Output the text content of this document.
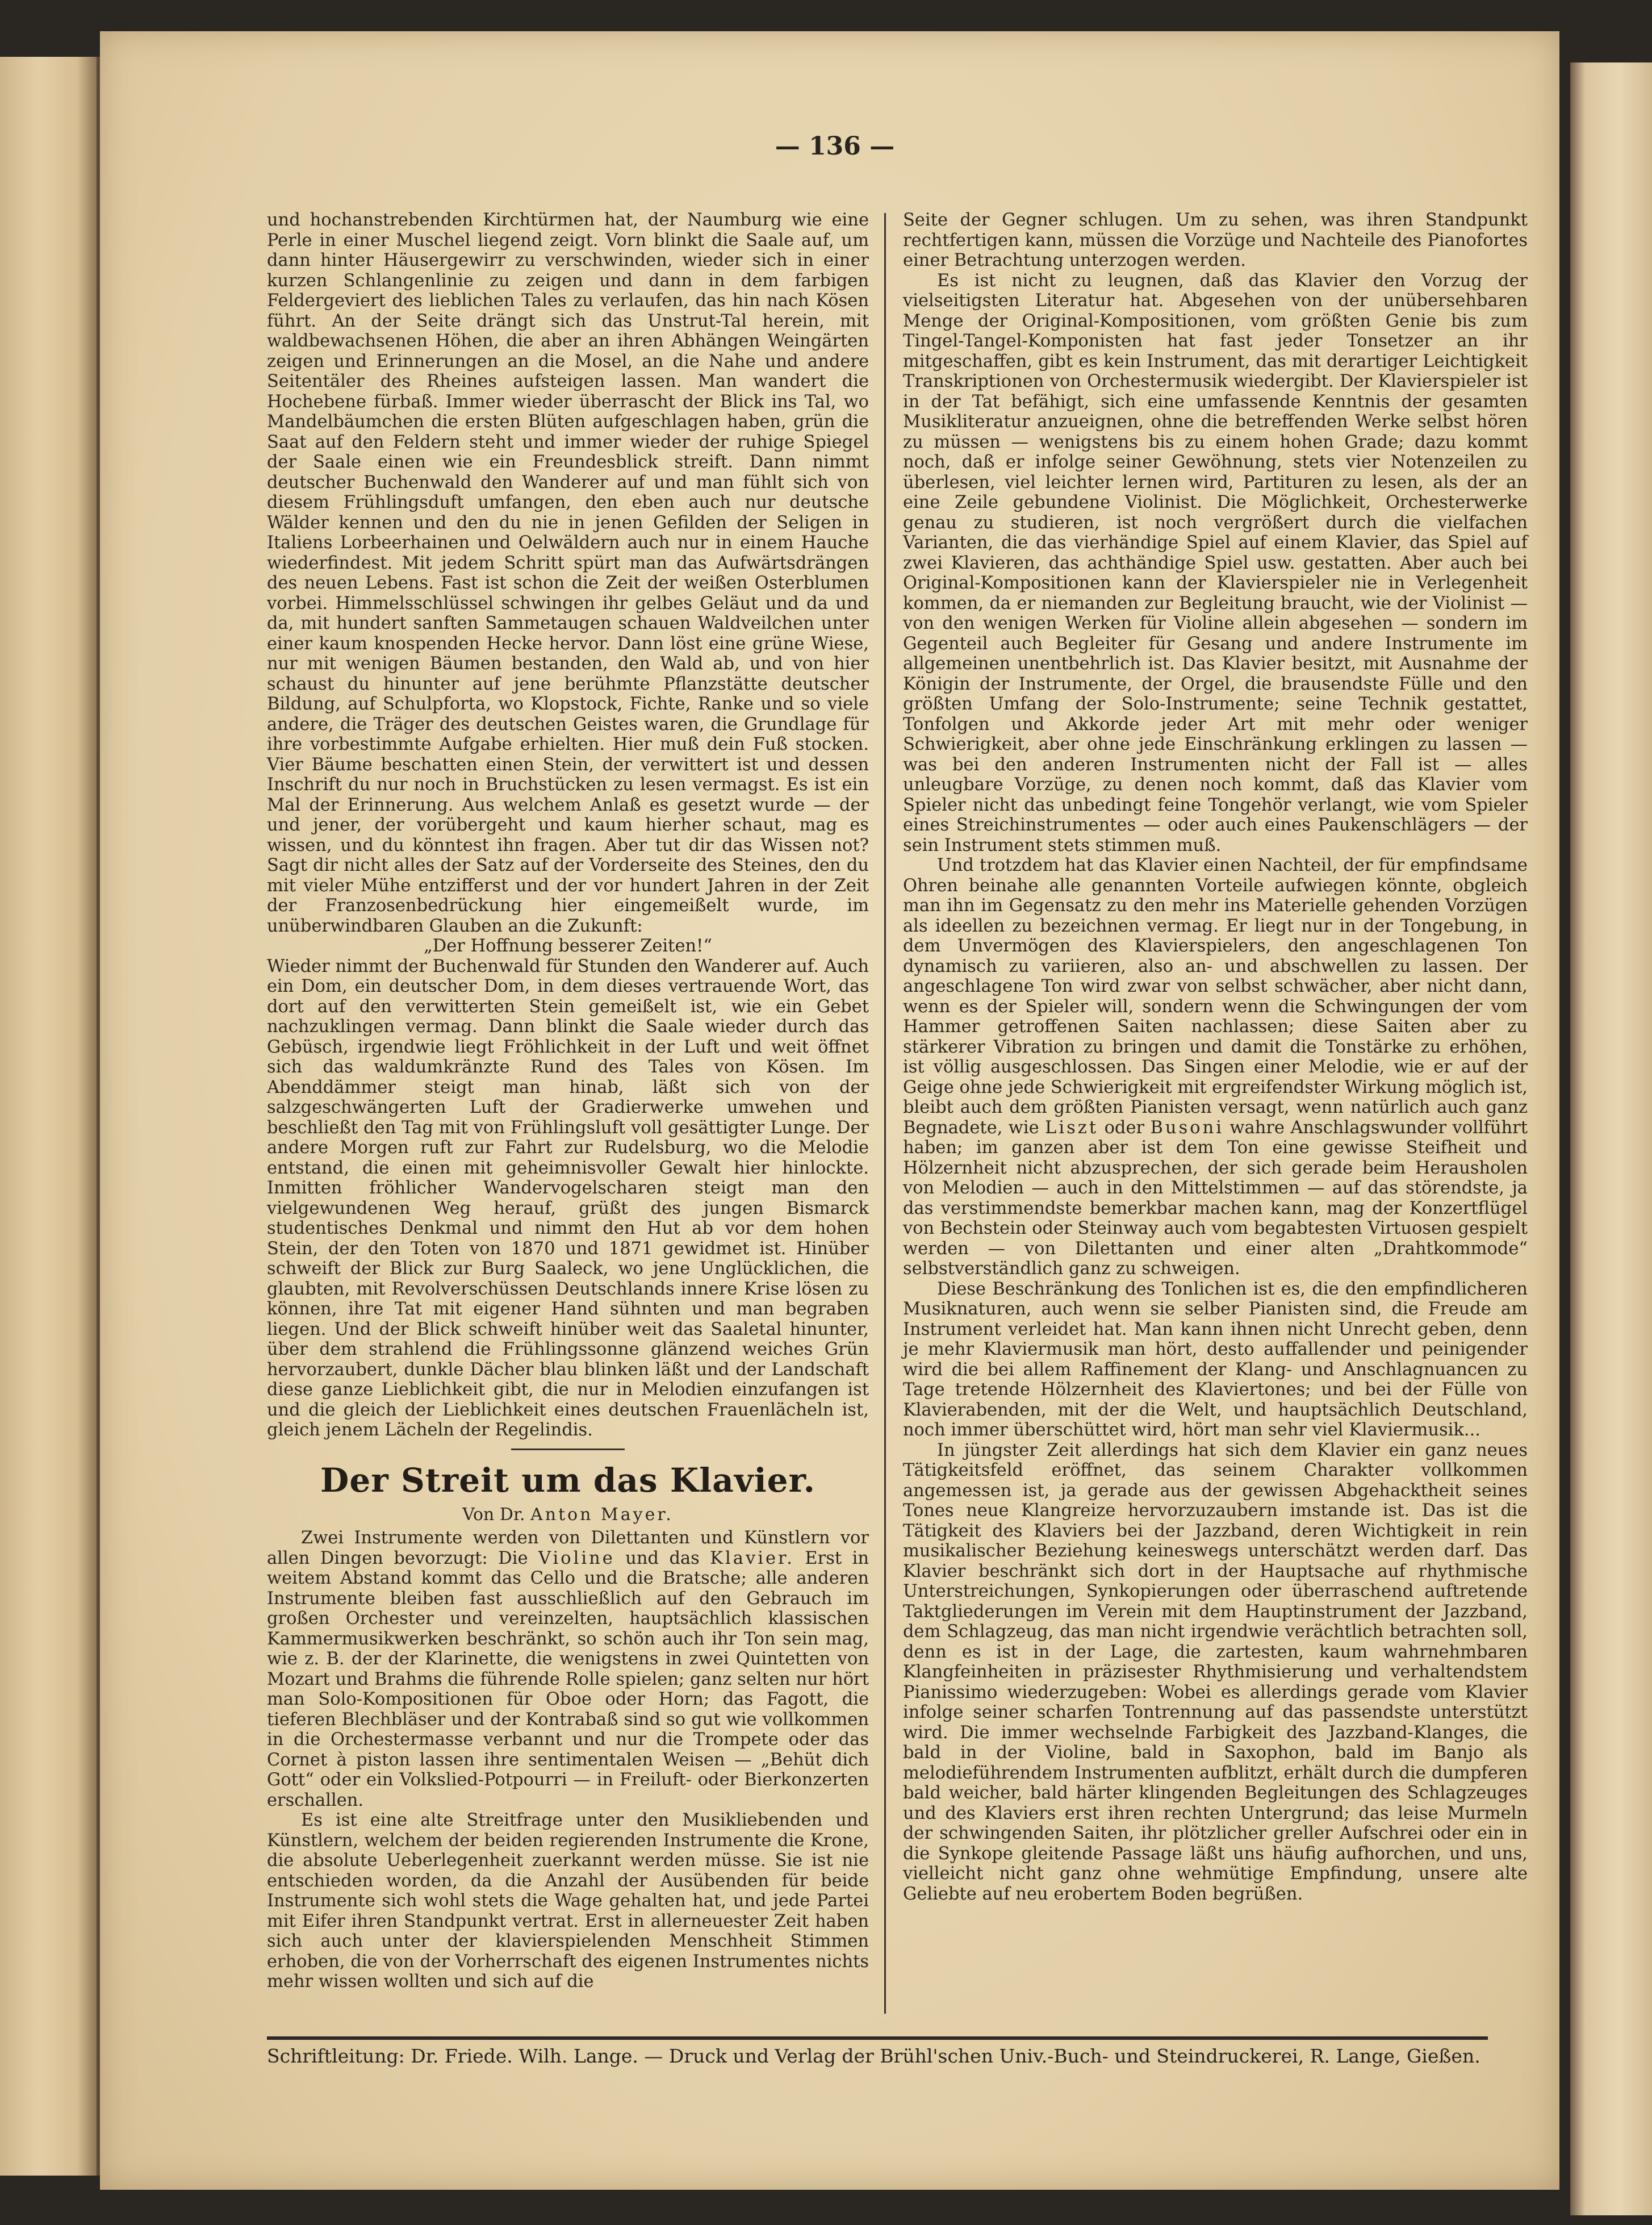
— 136 —

und hochanstrebenden Kirchtürmen hat, der Naumburg wie eine Perle in einer Muschel liegend zeigt. Vorn blinkt die Saale auf, um dann hinter Häusergewirr zu verschwinden, wieder sich in einer kurzen Schlangenlinie zu zeigen und dann in dem farbigen Feldergeviert des lieblichen Tales zu verlaufen, das hin nach Kösen führt. An der Seite drängt sich das Unstrut-Tal herein, mit waldbewachsenen Höhen, die aber an ihren Abhängen Weingärten zeigen und Erinnerungen an die Mosel, an die Nahe und andere Seitentäler des Rheines aufsteigen lassen. Man wandert die Hochebene fürbaß. Immer wieder überrascht der Blick ins Tal, wo Mandelbäumchen die ersten Blüten aufgeschlagen haben, grün die Saat auf den Feldern steht und immer wieder der ruhige Spiegel der Saale einen wie ein Freundesblick streift. Dann nimmt deutscher Buchenwald den Wanderer auf und man fühlt sich von diesem Frühlingsduft umfangen, den eben auch nur deutsche Wälder kennen und den du nie in jenen Gefilden der Seligen in Italiens Lorbeerhainen und Oelwäldern auch nur in einem Hauche wiederfindest. Mit jedem Schritt spürt man das Aufwärtsdrängen des neuen Lebens. Fast ist schon die Zeit der weißen Osterblumen vorbei. Himmelsschlüssel schwingen ihr gelbes Geläut und da und da, mit hundert sanften Sammetaugen schauen Waldveilchen unter einer kaum knospenden Hecke hervor. Dann löst eine grüne Wiese, nur mit wenigen Bäumen bestanden, den Wald ab, und von hier schaust du hinunter auf jene berühmte Pflanzstätte deutscher Bildung, auf Schulpforta, wo Klopstock, Fichte, Ranke und so viele andere, die Träger des deutschen Geistes waren, die Grundlage für ihre vorbestimmte Aufgabe erhielten. Hier muß dein Fuß stocken. Vier Bäume beschatten einen Stein, der verwittert ist und dessen Inschrift du nur noch in Bruchstücken zu lesen vermagst. Es ist ein Mal der Erinnerung. Aus welchem Anlaß es gesetzt wurde — der und jener, der vorübergeht und kaum hierher schaut, mag es wissen, und du könntest ihn fragen. Aber tut dir das Wissen not? Sagt dir nicht alles der Satz auf der Vorderseite des Steines, den du mit vieler Mühe entzifferst und der vor hundert Jahren in der Zeit der Franzosenbedrückung hier eingemeißelt wurde, im unüberwindbaren Glauben an die Zukunft:

„Der Hoffnung besserer Zeiten!“

Wieder nimmt der Buchenwald für Stunden den Wanderer auf. Auch ein Dom, ein deutscher Dom, in dem dieses vertrauende Wort, das dort auf den verwitterten Stein gemeißelt ist, wie ein Gebet nachzuklingen vermag. Dann blinkt die Saale wieder durch das Gebüsch, irgendwie liegt Fröhlichkeit in der Luft und weit öffnet sich das waldumkränzte Rund des Tales von Kösen. Im Abenddämmer steigt man hinab, läßt sich von der salzgeschwängerten Luft der Gradierwerke umwehen und beschließt den Tag mit von Frühlingsluft voll gesättigter Lunge. Der andere Morgen ruft zur Fahrt zur Rudelsburg, wo die Melodie entstand, die einen mit geheimnisvoller Gewalt hier hinlockte. Inmitten fröhlicher Wandervogelscharen steigt man den vielgewundenen Weg herauf, grüßt des jungen Bismarck studentisches Denkmal und nimmt den Hut ab vor dem hohen Stein, der den Toten von 1870 und 1871 gewidmet ist. Hinüber schweift der Blick zur Burg Saaleck, wo jene Unglücklichen, die glaubten, mit Revolverschüssen Deutschlands innere Krise lösen zu können, ihre Tat mit eigener Hand sühnten und man begraben liegen. Und der Blick schweift hinüber weit das Saaletal hinunter, über dem strahlend die Frühlingssonne glänzend weiches Grün hervorzaubert, dunkle Dächer blau blinken läßt und der Landschaft diese ganze Lieblichkeit gibt, die nur in Melodien einzufangen ist und die gleich der Lieblichkeit eines deutschen Frauenlächeln ist, gleich jenem Lächeln der Regelindis.

Der Streit um das Klavier.
Von Dr. Anton Mayer.

Zwei Instrumente werden von Dilettanten und Künstlern vor allen Dingen bevorzugt: Die Violine und das Klavier. Erst in weitem Abstand kommt das Cello und die Bratsche; alle anderen Instrumente bleiben fast ausschließlich auf den Gebrauch im großen Orchester und vereinzelten, hauptsächlich klassischen Kammermusikwerken beschränkt, so schön auch ihr Ton sein mag, wie z. B. der der Klarinette, die wenigstens in zwei Quintetten von Mozart und Brahms die führende Rolle spielen; ganz selten nur hört man Solo-Kompositionen für Oboe oder Horn; das Fagott, die tieferen Blechbläser und der Kontrabaß sind so gut wie vollkommen in die Orchestermasse verbannt und nur die Trompete oder das Cornet à piston lassen ihre sentimentalen Weisen — „Behüt dich Gott“ oder ein Volkslied-Potpourri — in Freiluft- oder Bierkonzerten erschallen.

Es ist eine alte Streitfrage unter den Musikliebenden und Künstlern, welchem der beiden regierenden Instrumente die Krone, die absolute Ueberlegenheit zuerkannt werden müsse. Sie ist nie entschieden worden, da die Anzahl der Ausübenden für beide Instrumente sich wohl stets die Wage gehalten hat, und jede Partei mit Eifer ihren Standpunkt vertrat. Erst in allerneuester Zeit haben sich auch unter der klavierspielenden Menschheit Stimmen erhoben, die von der Vorherrschaft des eigenen Instrumentes nichts mehr wissen wollten und sich auf die

Seite der Gegner schlugen. Um zu sehen, was ihren Standpunkt rechtfertigen kann, müssen die Vorzüge und Nachteile des Pianofortes einer Betrachtung unterzogen werden.

Es ist nicht zu leugnen, daß das Klavier den Vorzug der vielseitigsten Literatur hat. Abgesehen von der unübersehbaren Menge der Original-Kompositionen, vom größten Genie bis zum Tingel-Tangel-Komponisten hat fast jeder Tonsetzer an ihr mitgeschaffen, gibt es kein Instrument, das mit derartiger Leichtigkeit Transkriptionen von Orchestermusik wiedergibt. Der Klavierspieler ist in der Tat befähigt, sich eine umfassende Kenntnis der gesamten Musikliteratur anzueignen, ohne die betreffenden Werke selbst hören zu müssen — wenigstens bis zu einem hohen Grade; dazu kommt noch, daß er infolge seiner Gewöhnung, stets vier Notenzeilen zu überlesen, viel leichter lernen wird, Partituren zu lesen, als der an eine Zeile gebundene Violinist. Die Möglichkeit, Orchesterwerke genau zu studieren, ist noch vergrößert durch die vielfachen Varianten, die das vierhändige Spiel auf einem Klavier, das Spiel auf zwei Klavieren, das achthändige Spiel usw. gestatten. Aber auch bei Original-Kompositionen kann der Klavierspieler nie in Verlegenheit kommen, da er niemanden zur Begleitung braucht, wie der Violinist — von den wenigen Werken für Violine allein abgesehen — sondern im Gegenteil auch Begleiter für Gesang und andere Instrumente im allgemeinen unentbehrlich ist. Das Klavier besitzt, mit Ausnahme der Königin der Instrumente, der Orgel, die brausendste Fülle und den größten Umfang der Solo-Instrumente; seine Technik gestattet, Tonfolgen und Akkorde jeder Art mit mehr oder weniger Schwierigkeit, aber ohne jede Einschränkung erklingen zu lassen — was bei den anderen Instrumenten nicht der Fall ist — alles unleugbare Vorzüge, zu denen noch kommt, daß das Klavier vom Spieler nicht das unbedingt feine Tongehör verlangt, wie vom Spieler eines Streichinstrumentes — oder auch eines Paukenschlägers — der sein Instrument stets stimmen muß.

Und trotzdem hat das Klavier einen Nachteil, der für empfindsame Ohren beinahe alle genannten Vorteile aufwiegen könnte, obgleich man ihn im Gegensatz zu den mehr ins Materielle gehenden Vorzügen als ideellen zu bezeichnen vermag. Er liegt nur in der Tongebung, in dem Unvermögen des Klavierspielers, den angeschlagenen Ton dynamisch zu variieren, also an- und abschwellen zu lassen. Der angeschlagene Ton wird zwar von selbst schwächer, aber nicht dann, wenn es der Spieler will, sondern wenn die Schwingungen der vom Hammer getroffenen Saiten nachlassen; diese Saiten aber zu stärkerer Vibration zu bringen und damit die Tonstärke zu erhöhen, ist völlig ausgeschlossen. Das Singen einer Melodie, wie er auf der Geige ohne jede Schwierigkeit mit ergreifendster Wirkung möglich ist, bleibt auch dem größten Pianisten versagt, wenn natürlich auch ganz Begnadete, wie Liszt oder Busoni wahre Anschlagswunder vollführt haben; im ganzen aber ist dem Ton eine gewisse Steifheit und Hölzernheit nicht abzusprechen, der sich gerade beim Herausholen von Melodien — auch in den Mittelstimmen — auf das störendste, ja das verstimmendste bemerkbar machen kann, mag der Konzertflügel von Bechstein oder Steinway auch vom begabtesten Virtuosen gespielt werden — von Dilettanten und einer alten „Drahtkommode“ selbstverständlich ganz zu schweigen.

Diese Beschränkung des Tonlichen ist es, die den empfindlicheren Musiknaturen, auch wenn sie selber Pianisten sind, die Freude am Instrument verleidet hat. Man kann ihnen nicht Unrecht geben, denn je mehr Klaviermusik man hört, desto auffallender und peinigender wird die bei allem Raffinement der Klang- und Anschlagnuancen zu Tage tretende Hölzernheit des Klaviertones; und bei der Fülle von Klavierabenden, mit der die Welt, und hauptsächlich Deutschland, noch immer überschüttet wird, hört man sehr viel Klaviermusik...

In jüngster Zeit allerdings hat sich dem Klavier ein ganz neues Tätigkeitsfeld eröffnet, das seinem Charakter vollkommen angemessen ist, ja gerade aus der gewissen Abgehacktheit seines Tones neue Klangreize hervorzuzaubern imstande ist. Das ist die Tätigkeit des Klaviers bei der Jazzband, deren Wichtigkeit in rein musikalischer Beziehung keineswegs unterschätzt werden darf. Das Klavier beschränkt sich dort in der Hauptsache auf rhythmische Unterstreichungen, Synkopierungen oder überraschend auftretende Taktgliederungen im Verein mit dem Hauptinstrument der Jazzband, dem Schlagzeug, das man nicht irgendwie verächtlich betrachten soll, denn es ist in der Lage, die zartesten, kaum wahrnehmbaren Klangfeinheiten in präzisester Rhythmisierung und verhaltendstem Pianissimo wiederzugeben: Wobei es allerdings gerade vom Klavier infolge seiner scharfen Tontrennung auf das passendste unterstützt wird. Die immer wechselnde Farbigkeit des Jazzband-Klanges, die bald in der Violine, bald in Saxophon, bald im Banjo als melodieführendem Instrumenten aufblitzt, erhält durch die dumpferen bald weicher, bald härter klingenden Begleitungen des Schlagzeuges und des Klaviers erst ihren rechten Untergrund; das leise Murmeln der schwingenden Saiten, ihr plötzlicher greller Aufschrei oder ein in die Synkope gleitende Passage läßt uns häufig aufhorchen, und uns, vielleicht nicht ganz ohne wehmütige Empfindung, unsere alte Geliebte auf neu erobertem Boden begrüßen.

Schriftleitung: Dr. Friede. Wilh. Lange. — Druck und Verlag der Brühl'schen Univ.-Buch- und Steindruckerei, R. Lange, Gießen.
